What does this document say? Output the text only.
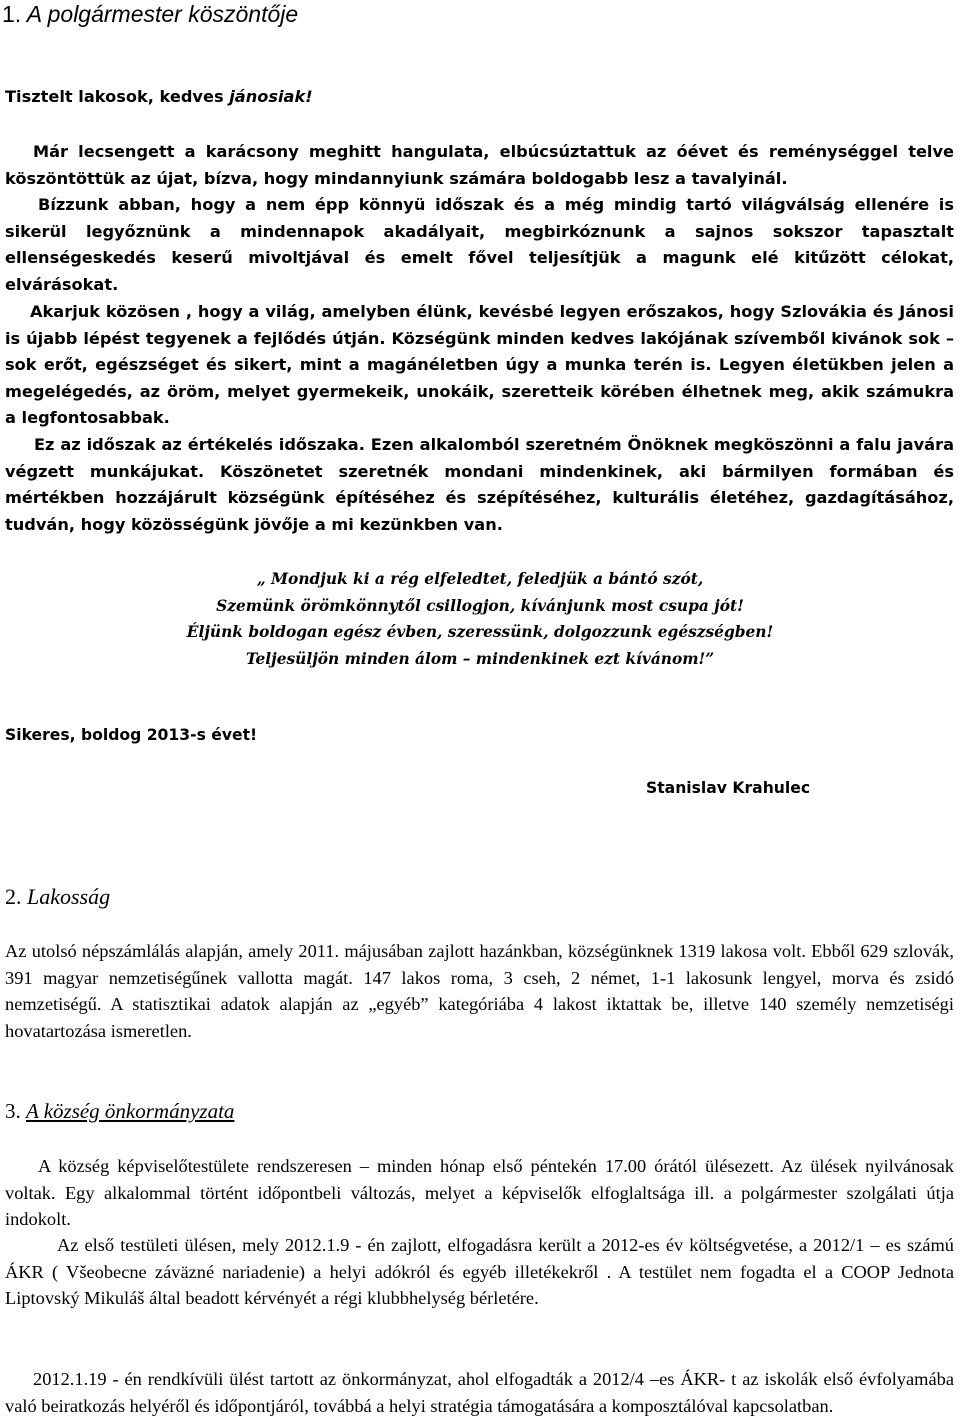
1. A polgármester köszöntője
Tisztelt lakosok, kedves jánosiak!

Már lecsengett a karácsony meghitt hangulata, elbúcsúztattuk az óévet és reménységgel telve köszöntöttük az újat, bízva, hogy mindannyiunk számára boldogabb lesz a tavalyinál.

Bízzunk abban, hogy a nem épp könnyü időszak és a még mindig tartó világválság ellenére is sikerül legyőznünk a mindennapok akadályait, megbirkóznunk a sajnos sokszor tapasztalt ellenségeskedés keserű mivoltjával és emelt fővel teljesítjük a magunk elé kitűzött célokat, elvárásokat.

Akarjuk közösen , hogy a világ, amelyben élünk, kevésbé legyen erőszakos, hogy Szlovákia és Jánosi is újabb lépést tegyenek a fejlődés útján. Községünk minden kedves lakójának szívemből kivánok sok – sok erőt, egészséget és sikert, mint a magánéletben úgy a munka terén is. Legyen életükben jelen a megelégedés, az öröm, melyet gyermekeik, unokáik, szeretteik körében élhetnek meg, akik számukra a legfontosabbak.

Ez az időszak az értékelés időszaka. Ezen alkalomból szeretném Önöknek megköszönni a falu javára végzett munkájukat. Köszönetet szeretnék mondani mindenkinek, aki bármilyen formában és mértékben hozzájárult községünk építéséhez és szépítéséhez, kulturális életéhez, gazdagításához, tudván, hogy közösségünk jövője a mi kezünkben van.

„ Mondjuk ki a rég elfeledtet, feledjük a bántó szót,
Szemünk örömkönnytől csillogjon, kívánjunk most csupa jót!
Éljünk boldogan egész évben, szeressünk, dolgozzunk egészségben!
Teljesüljön minden álom – mindenkinek ezt kívánom!”
Sikeres, boldog 2013-s évet!
Stanislav Krahulec
2. Lakosság

Az utolsó népszámlálás alapján, amely 2011. májusában zajlott hazánkban, községünknek 1319 lakosa volt. Ebből 629 szlovák, 391 magyar nemzetiségűnek vallotta magát. 147 lakos roma, 3 cseh, 2 német, 1-1 lakosunk lengyel, morva és zsidó nemzetiségű. A statisztikai adatok alapján az „egyéb” kategóriába 4 lakost iktattak be, illetve 140 személy nemzetiségi hovatartozása ismeretlen.

3. A község önkormányzata

A község képviselőtestülete rendszeresen – minden hónap első péntekén 17.00 órától ülésezett. Az ülések nyilvánosak voltak. Egy alkalommal történt időpontbeli változás, melyet a képviselők elfoglaltsága ill. a polgármester szolgálati útja indokolt.

Az első testületi ülésen, mely 2012.1.9 - én zajlott, elfogadásra került a 2012-es év költségvetése, a 2012/1 – es számú ÁKR ( Všeobecne záväzné nariadenie) a helyi adókról és egyéb illetékekről . A testület nem fogadta el a COOP Jednota Liptovský Mikuláš által beadott kérvényét a régi klubbhelység bérletére.

2012.1.19 - én rendkívüli ülést tartott az önkormányzat, ahol elfogadták a 2012/4 –es ÁKR- t az iskolák első évfolyamába való beiratkozás helyéről és időpontjáról, továbbá a helyi stratégia támogatására a komposztálóval kapcsolatban.
